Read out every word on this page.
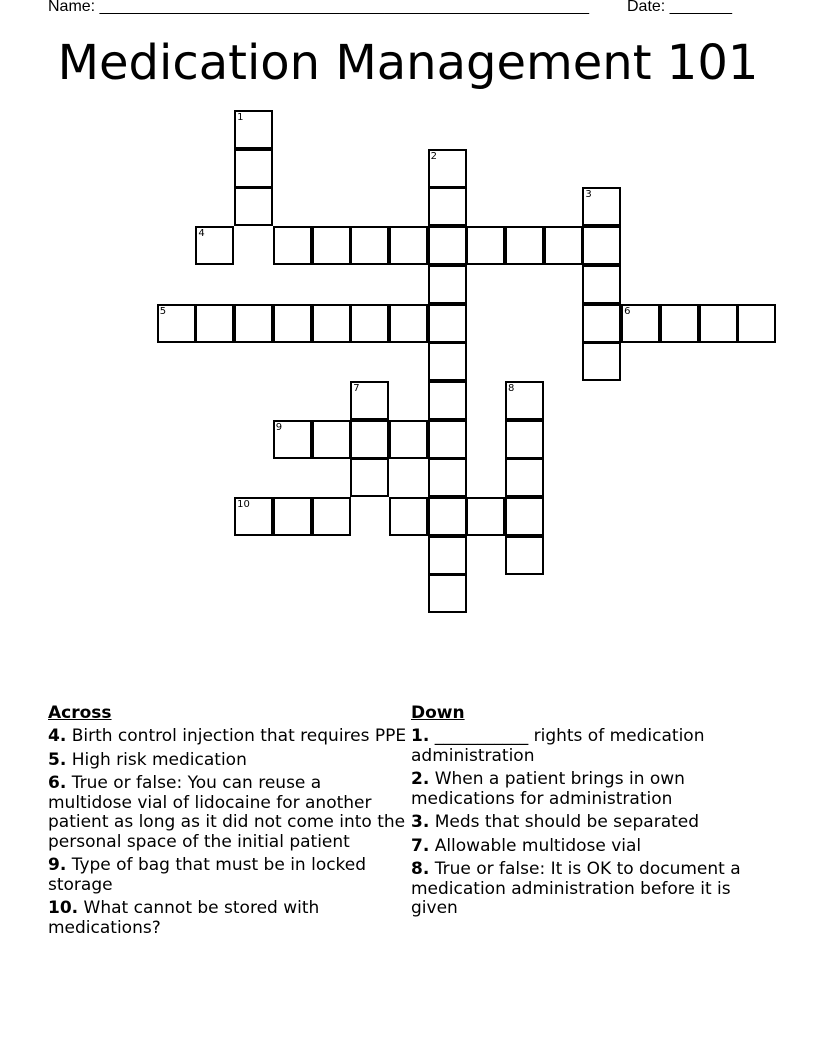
Name: _______________________________________________________ Date: _______
Medication Management 101
1
2
3
4
5	6
7	8
9
10
Across
4. Birth control injection that requires PPE
5. High risk medication
6. True or false: You can reuse a multidose vial of lidocaine for another patient as long as it did not come into the personal space of the initial patient
9. Type of bag that must be in locked storage
10. What cannot be stored with medications?
Down
1. ___________ rights of medication administration
2. When a patient brings in own medications for administration
3. Meds that should be separated
7. Allowable multidose vial
8. True or false: It is OK to document a medication administration before it is given
